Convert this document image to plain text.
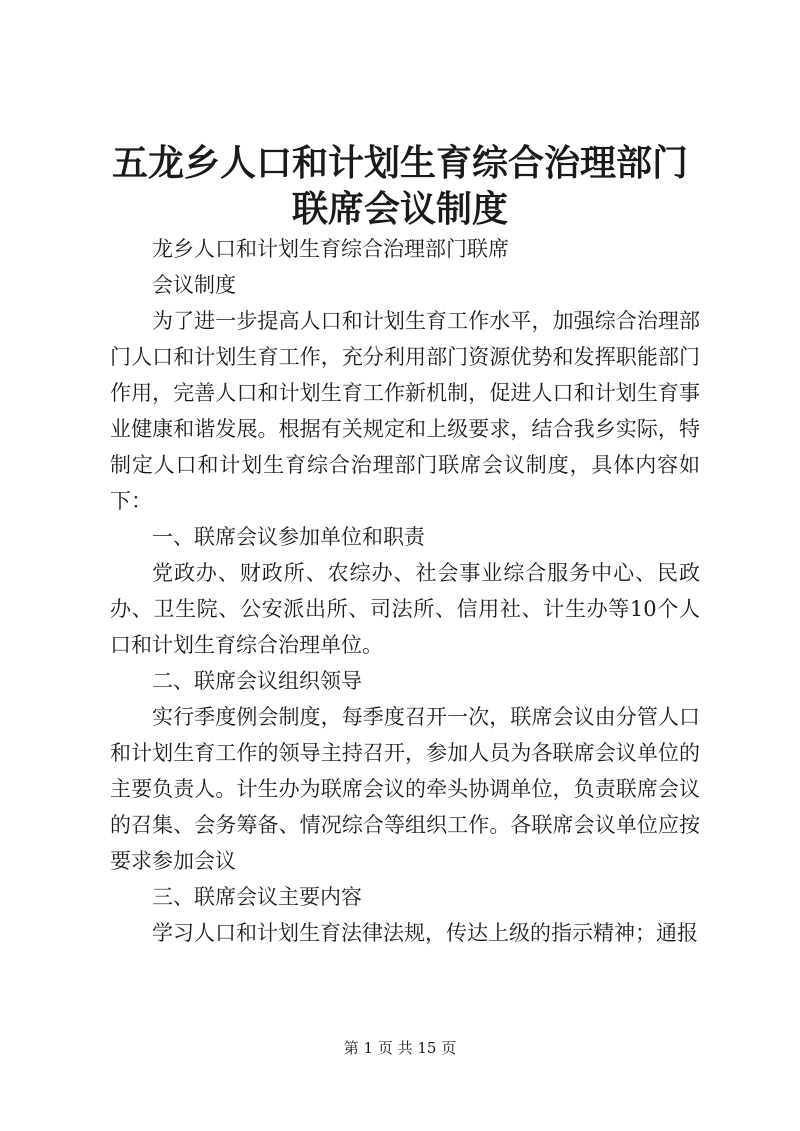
五龙乡人口和计划生育综合治理部门联席会议制度

龙乡人口和计划生育综合治理部门联席

会议制度

为了进一步提高人口和计划生育工作水平，加强综合治理部门人口和计划生育工作，充分利用部门资源优势和发挥职能部门作用，完善人口和计划生育工作新机制，促进人口和计划生育事业健康和谐发展。根据有关规定和上级要求，结合我乡实际，特制定人口和计划生育综合治理部门联席会议制度，具体内容如下：

一、联席会议参加单位和职责

党政办、财政所、农综办、社会事业综合服务中心、民政办、卫生院、公安派出所、司法所、信用社、计生办等10个人口和计划生育综合治理单位。

二、联席会议组织领导

实行季度例会制度，每季度召开一次，联席会议由分管人口和计划生育工作的领导主持召开，参加人员为各联席会议单位的主要负责人。计生办为联席会议的牵头协调单位，负责联席会议的召集、会务筹备、情况综合等组织工作。各联席会议单位应按要求参加会议

三、联席会议主要内容

学习人口和计划生育法律法规，传达上级的指示精神；通报

第 1 页 共 15 页
